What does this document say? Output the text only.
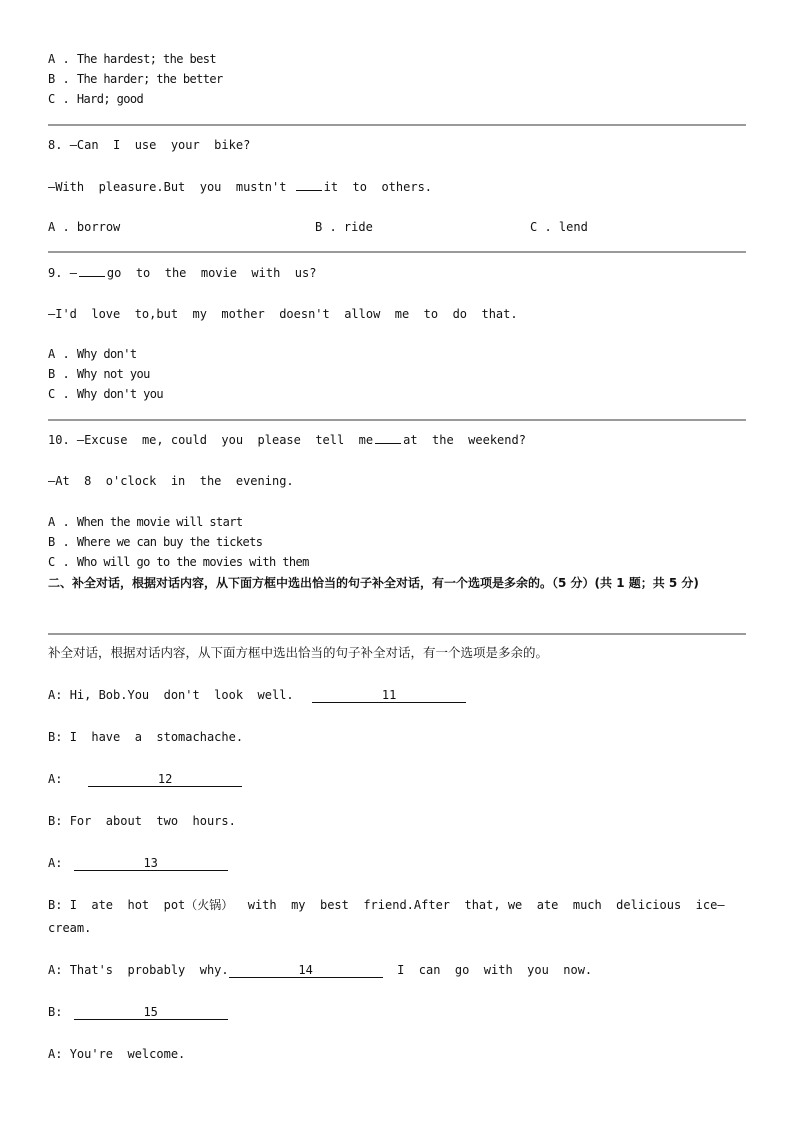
A . The hardest; the best
B . The harder; the better
C . Hard; good
8. —Can  I  use  your  bike?
—With  pleasure.But  you  mustn't	it  to  others.
A . borrow	B . ride	C . lend
9. —	go  to  the  movie  with  us?
—I'd  love  to,but  my  mother  doesn't  allow  me  to  do  that.
A . Why don't
B . Why not you
C . Why don't you
10. —Excuse  me, could  you  please  tell  me	at  the  weekend?
—At  8  o'clock  in  the  evening.
A . When the movie will start
B . Where we can buy the tickets
C . Who will go to the movies with them
二、补全对话，根据对话内容，从下面方框中选出恰当的句子补全对话，有一个选项是多余的。（5 分）(共 1 题；共 5 分)
补全对话，根据对话内容，从下面方框中选出恰当的句子补全对话，有一个选项是多余的。
A: Hi, Bob.You  don't  look  well.	11
B: I  have  a  stomachache.
A:	12
B: For  about  two  hours.
A:	13
B: I  ate  hot  pot（火锅）  with  my  best  friend.After  that, we  ate  much  delicious  ice—
cream.
A: That's  probably  why.	14	I  can  go  with  you  now.
B:	15
A: You're  welcome.
